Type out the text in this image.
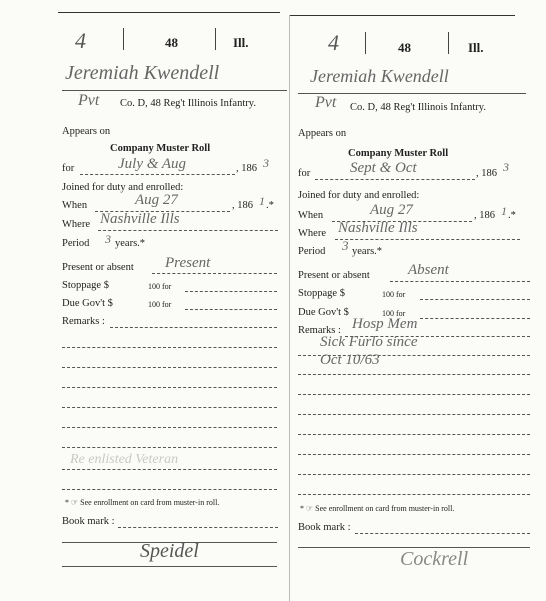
4	48	Ill.
Jeremiah Kwendell
Pvt Co. D, 48 Reg't Illinois Infantry.
Appears on
Company Muster Roll
for	July & Aug	, 186 3
Joined for duty and enrolled:
When	Aug 27	, 186 1 .*
Where Nashville Ills
Period 3 years.*
Present or absent Present
Stoppage $	100 for
Due Gov't $	100 for
Remarks :
Re enlisted Veteran
* ☞ See enrollment on card from muster-in roll.
Book mark :
Speidel
4	48	Ill.
Jeremiah Kwendell
Pvt Co. D, 48 Reg't Illinois Infantry.
Appears on
Company Muster Roll
for	Sept & Oct	, 186 3
Joined for duty and enrolled:
When	Aug 27	, 186 1 .*
Where Nashville Ills
Period 3 years.*
Present or absent	Absent
Stoppage $	100 for
Due Gov't $	100 for
Remarks : Hosp Mem
Sick Furlo since
Oct 10/63
* ☞ See enrollment on card from muster-in roll.
Book mark :
Cockrell
